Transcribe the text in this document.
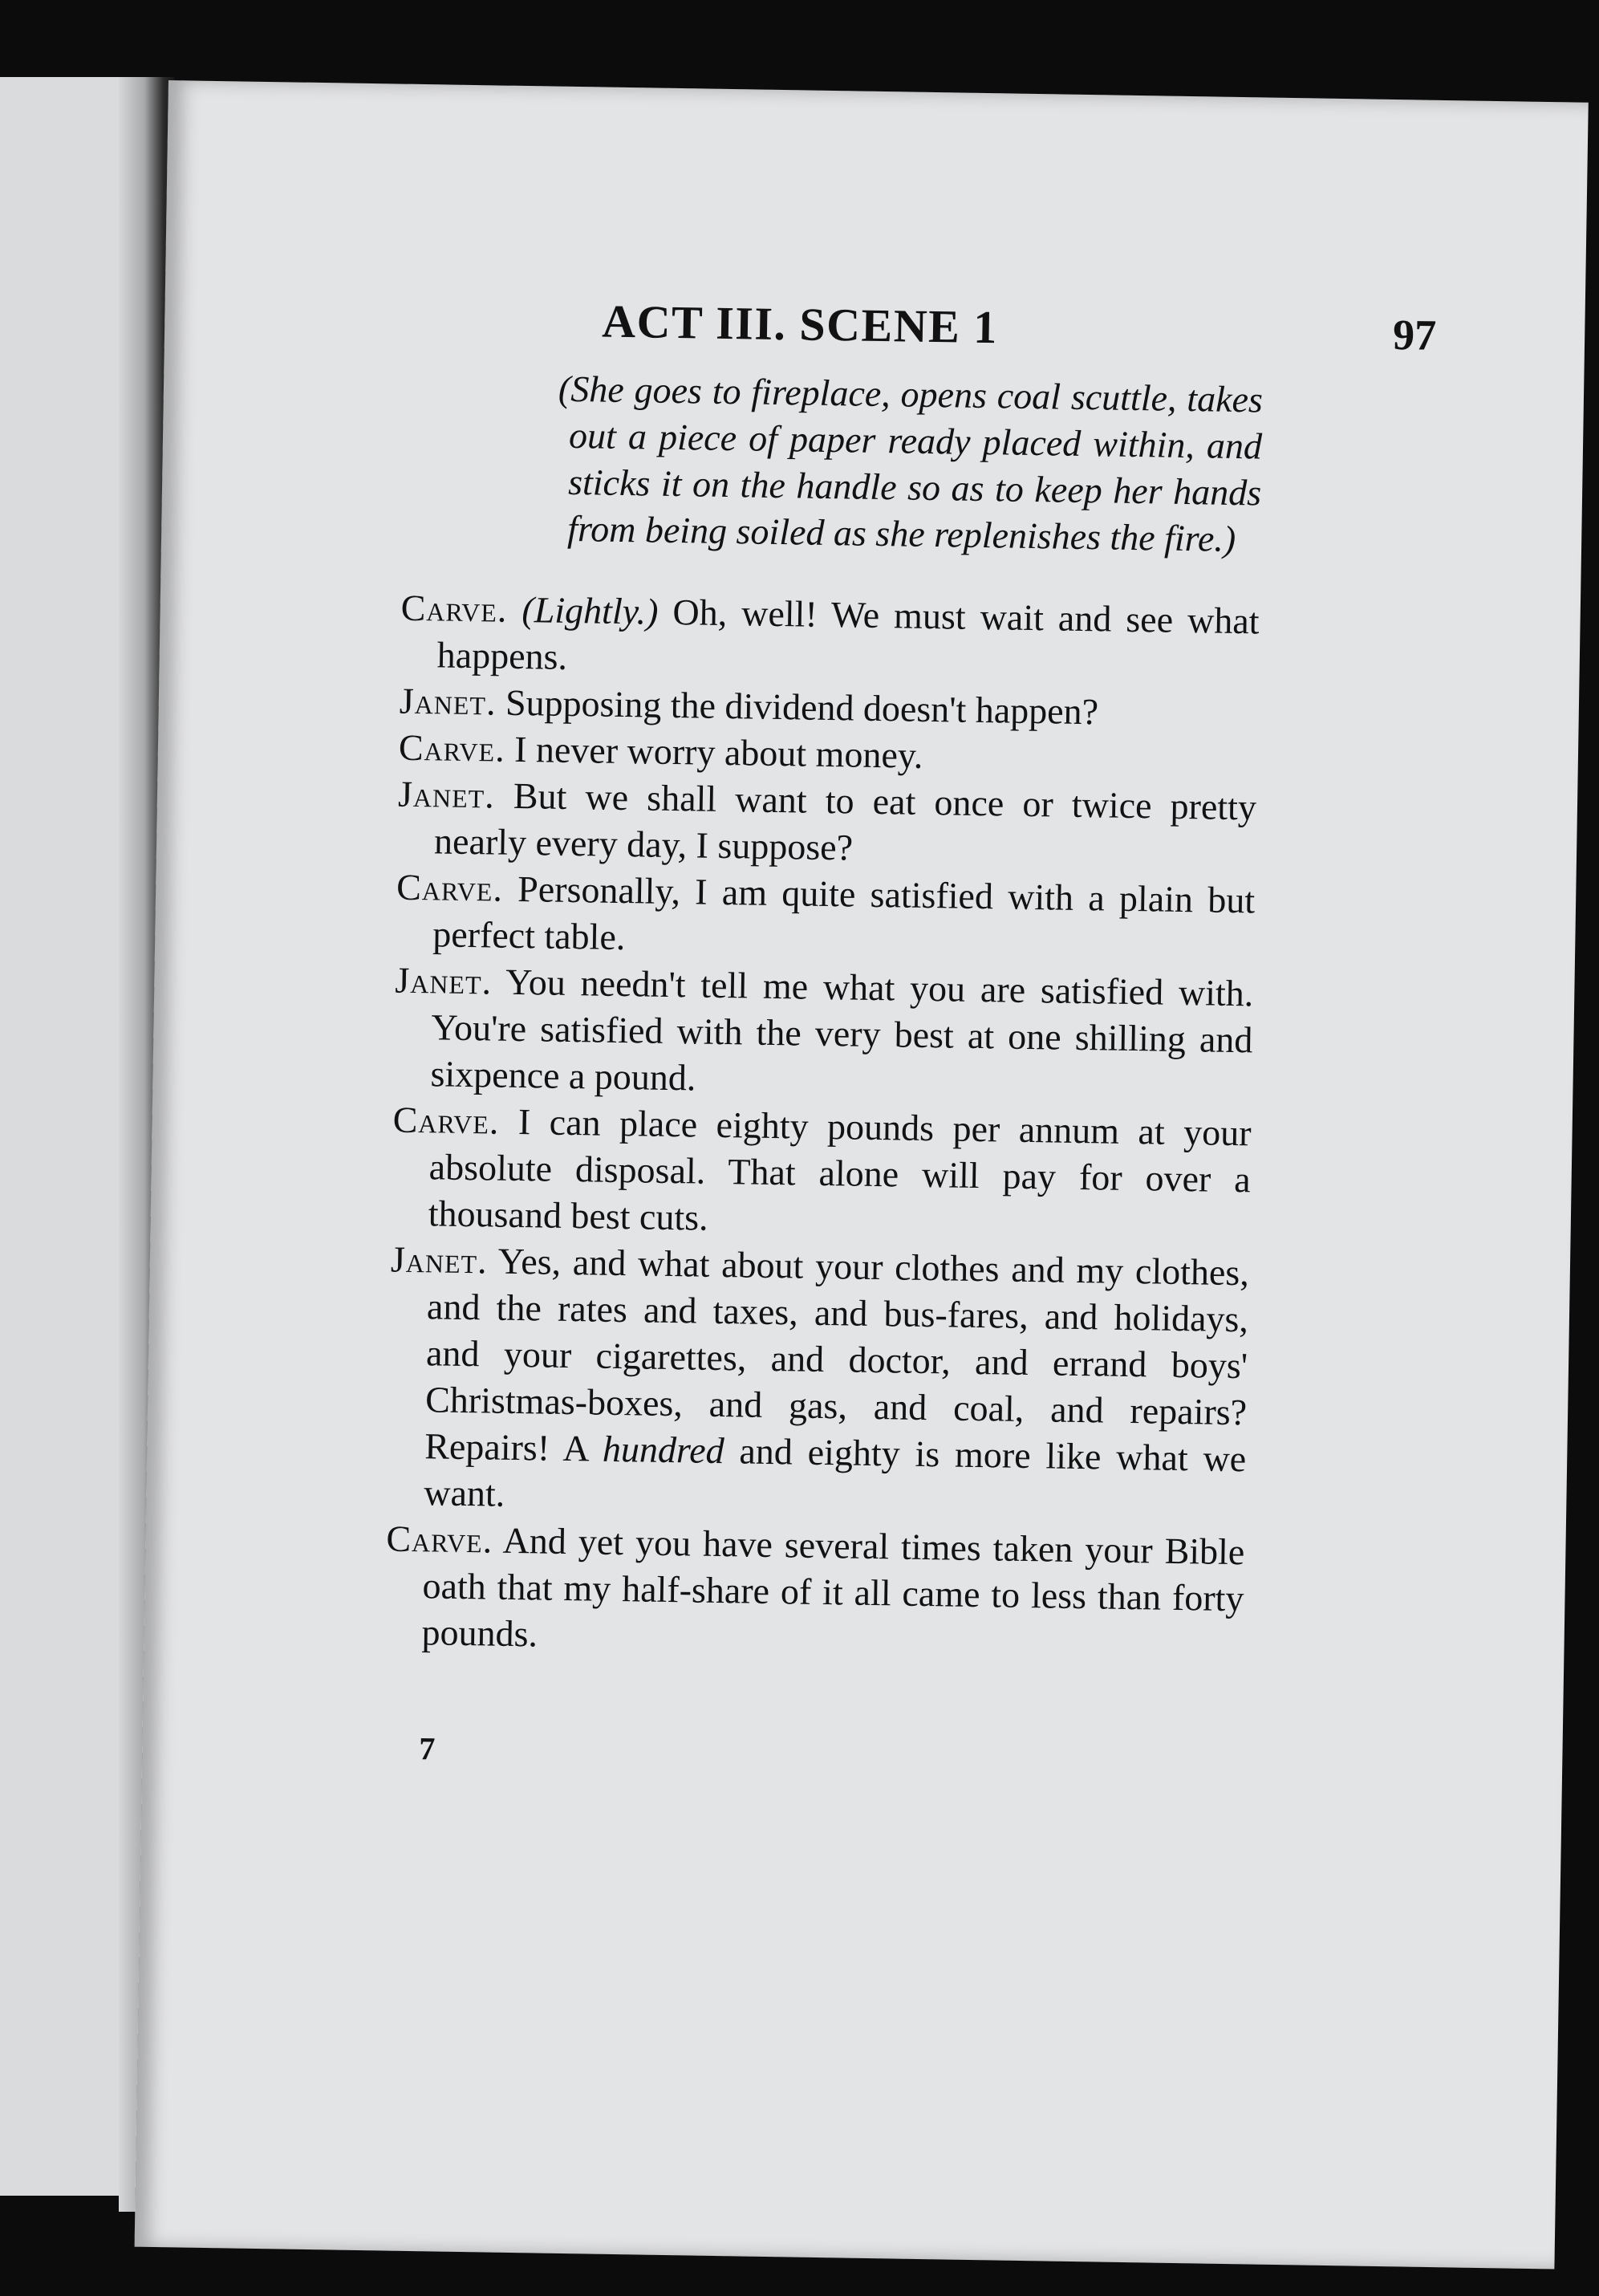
ACT III. SCENE 1	97

(She goes to fireplace, opens coal scuttle, takes out a piece of paper ready placed within, and sticks it on the handle so as to keep her hands from being soiled as she replenishes the fire.)

Carve. (Lightly.) Oh, well! We must wait and see what happens.

Janet. Supposing the dividend doesn't happen?

Carve. I never worry about money.

Janet. But we shall want to eat once or twice pretty nearly every day, I suppose?

Carve. Personally, I am quite satisfied with a plain but perfect table.

Janet. You needn't tell me what you are satisfied with. You're satisfied with the very best at one shilling and sixpence a pound.

Carve. I can place eighty pounds per annum at your absolute disposal. That alone will pay for over a thousand best cuts.

Janet. Yes, and what about your clothes and my clothes, and the rates and taxes, and bus-fares, and holidays, and your cigarettes, and doctor, and errand boys' Christmas-boxes, and gas, and coal, and repairs? Repairs! A hundred and eighty is more like what we want.

Carve. And yet you have several times taken your Bible oath that my half-share of it all came to less than forty pounds.

7
